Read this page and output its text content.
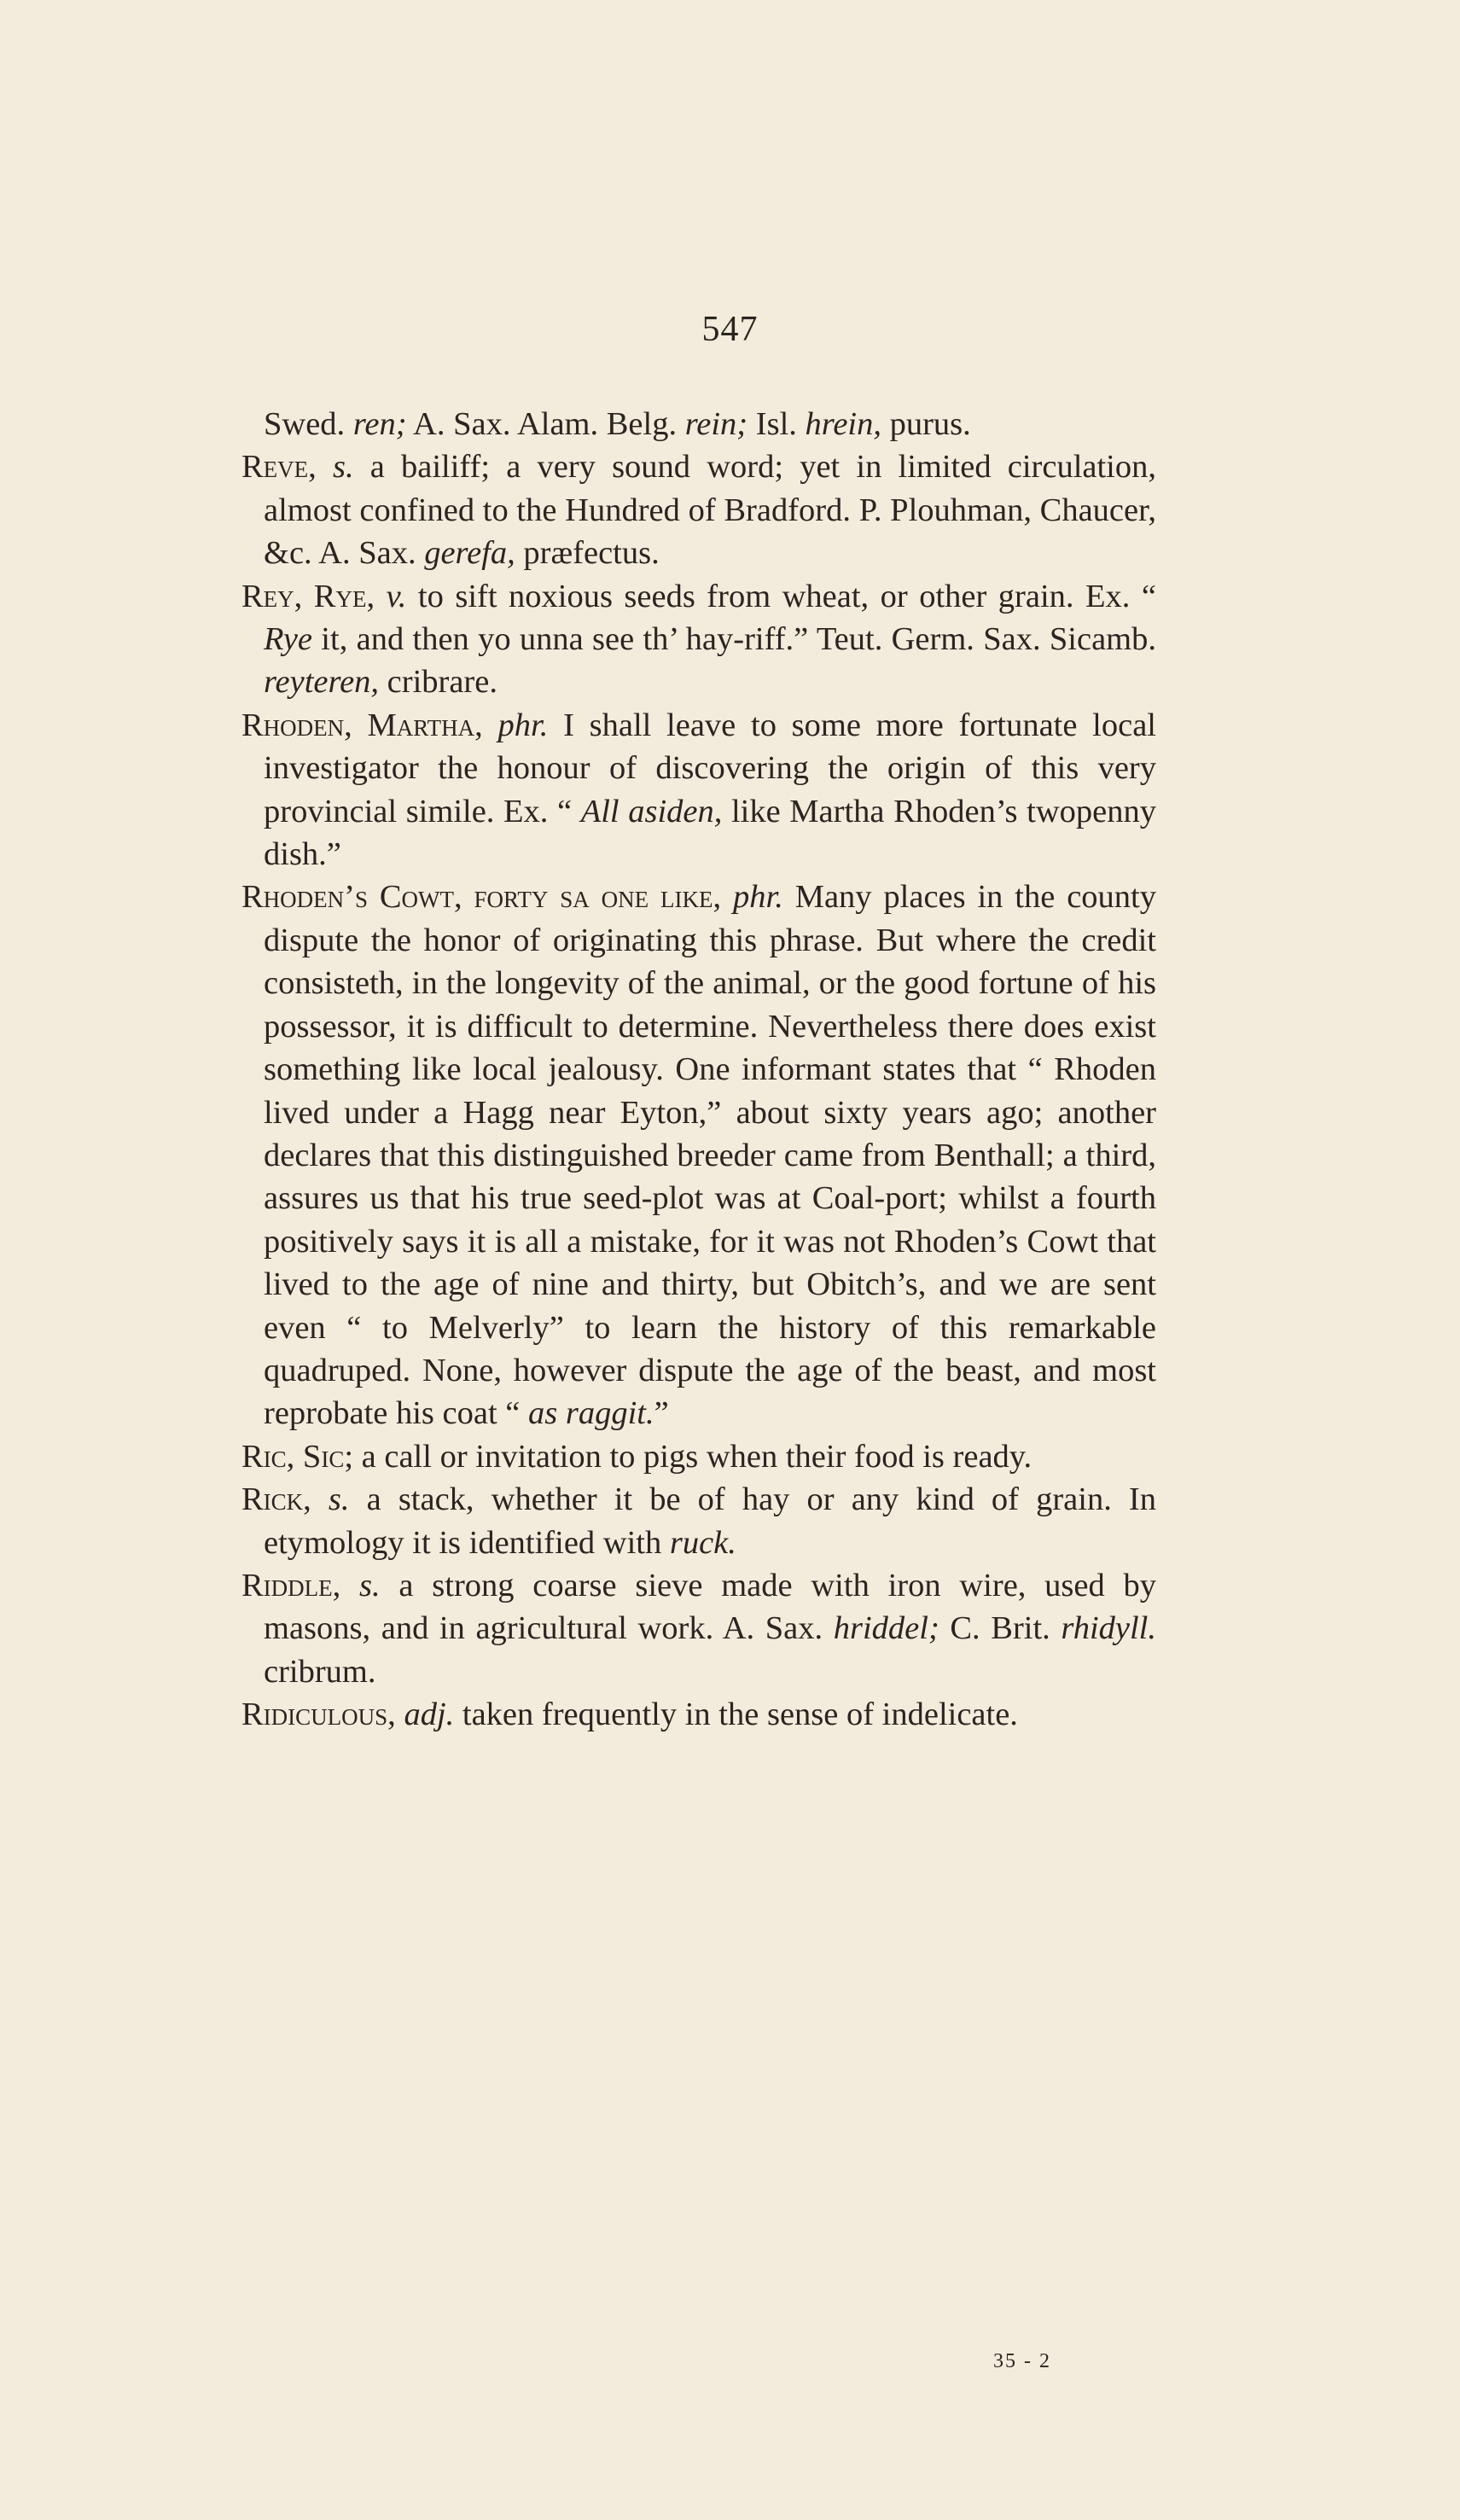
547

Swed. ren; A. Sax. Alam. Belg. rein; Isl. hrein, purus.

Reve, s. a bailiff; a very sound word; yet in limited circulation, almost confined to the Hundred of Bradford. P. Plouhman, Chaucer, &c. A. Sax. gerefa, præfectus.

Rey, Rye, v. to sift noxious seeds from wheat, or other grain. Ex. “ Rye it, and then yo unna see th’ hay-riff.” Teut. Germ. Sax. Sicamb. reyteren, cribrare.

Rhoden, Martha, phr. I shall leave to some more fortunate local investigator the honour of discovering the origin of this very provincial simile. Ex. “ All asiden, like Martha Rhoden’s twopenny dish.”

Rhoden’s Cowt, forty sa one like, phr. Many places in the county dispute the honor of originating this phrase. But where the credit consisteth, in the longevity of the animal, or the good fortune of his possessor, it is difficult to determine. Nevertheless there does exist something like local jealousy. One informant states that “ Rhoden lived under a Hagg near Eyton,” about sixty years ago; another declares that this distinguished breeder came from Benthall; a third, assures us that his true seed-plot was at Coal-port; whilst a fourth positively says it is all a mistake, for it was not Rhoden’s Cowt that lived to the age of nine and thirty, but Obitch’s, and we are sent even “ to Melverly” to learn the history of this remarkable quadruped. None, however dispute the age of the beast, and most reprobate his coat “ as raggit.”

Ric, Sic; a call or invitation to pigs when their food is ready.

Rick, s. a stack, whether it be of hay or any kind of grain. In etymology it is identified with ruck.

Riddle, s. a strong coarse sieve made with iron wire, used by masons, and in agricultural work. A. Sax. hriddel; C. Brit. rhidyll. cribrum.

Ridiculous, adj. taken frequently in the sense of indelicate.

35 - 2
